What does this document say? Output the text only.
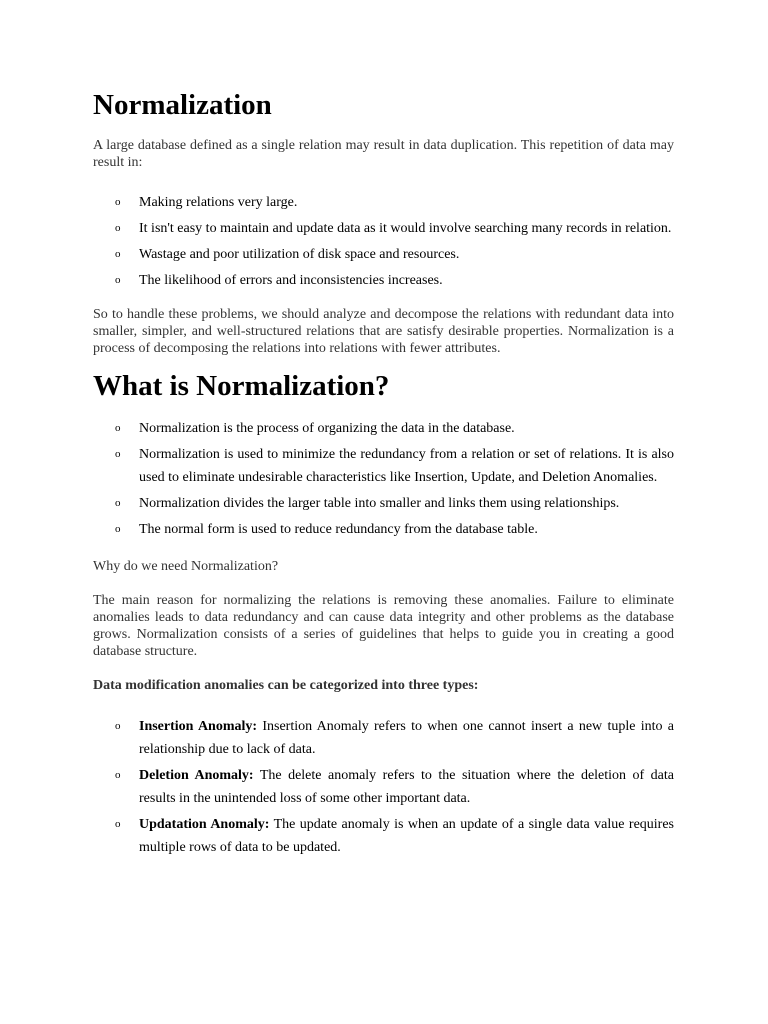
Normalization

A large database defined as a single relation may result in data duplication. This repetition of data may result in:

o Making relations very large.
o It isn't easy to maintain and update data as it would involve searching many records in relation.
o Wastage and poor utilization of disk space and resources.
o The likelihood of errors and inconsistencies increases.

So to handle these problems, we should analyze and decompose the relations with redundant data into smaller, simpler, and well-structured relations that are satisfy desirable properties. Normalization is a process of decomposing the relations into relations with fewer attributes.

What is Normalization?
o Normalization is the process of organizing the data in the database.
o Normalization is used to minimize the redundancy from a relation or set of relations. It is also used to eliminate undesirable characteristics like Insertion, Update, and Deletion Anomalies.
o Normalization divides the larger table into smaller and links them using relationships.
o The normal form is used to reduce redundancy from the database table.

Why do we need Normalization?

The main reason for normalizing the relations is removing these anomalies. Failure to eliminate anomalies leads to data redundancy and can cause data integrity and other problems as the database grows. Normalization consists of a series of guidelines that helps to guide you in creating a good database structure.

Data modification anomalies can be categorized into three types:

o Insertion Anomaly: Insertion Anomaly refers to when one cannot insert a new tuple into a relationship due to lack of data.
o Deletion Anomaly: The delete anomaly refers to the situation where the deletion of data results in the unintended loss of some other important data.
o Updatation Anomaly: The update anomaly is when an update of a single data value requires multiple rows of data to be updated.
